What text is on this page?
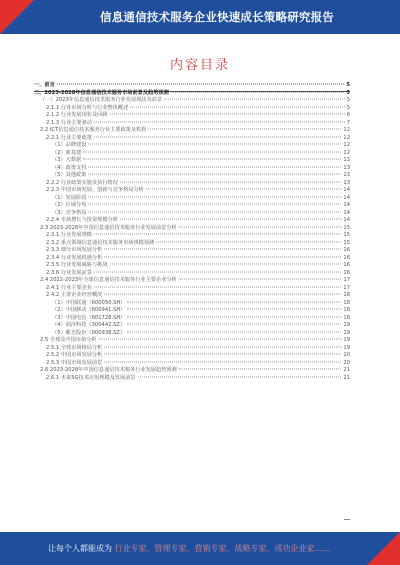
信息通信技术服务企业快速成长策略研究报告
内容目录
一、前言	5
二、2023-2028年信息通信技术服务市场前景及趋势预测	5
（一）2023年信息通信技术服务行业发展现状及前景	5
2.1.1 行业市场分析与行业整体概述	5
2.1.2 行业发展现状及回顾	6
2.1.3 行业主要驱动	7
2.2 ICT信息通信技术服务行业主要政策及机构	12
2.2.1 行业主要政策	12
（1）品牌建设	12
（2）新基建	12
（3）大数据	13
（4）政策支持	13
（5）其他政策	13
2.2.2 行业政策实施及执行情况	13
2.2.3 中国市场发展、创新与竞争格局分析	14
（1）发展阶段	14
（2）区域分布	14
（3）竞争格局	14
2.2.4 市场增长与投资规模分析	14
2.3 2023-2028年中国信息通信技术服务行业发展前景分析	15
2.3.1 行业发展规模	15
2.3.2 重点领域信息通信技术服务市场规模预测	15
2.3.3 细分市场发展分析	16
2.3.4 行业发展机遇分析	16
2.3.5 行业发展威胁与挑战	16
2.3.6 行业发展前景	16
2.4 2022-2023年全球信息通信技术服务行业主要企业分析	17
2.4.1 行业主要企业	17
2.4.2 主要企业经营概况	18
（1）中国联通（600050.SH）	18
（2）中国移动（600941.SH）	18
（3）中国电信（601728.SH）	18
（4）润泽科技（300442.SZ）	19
（5）紫光股份（000938.SZ）	19
2.5 全球及中国市场分析	19
2.5.1 全球市场格局分析	19
2.5.2 中国市场发展分析	20
2.5.3 中国市场发展前景	20
2.6 2023-2028年中国信息通信技术服务行业发展趋势预测	21
2.6.1 未来5G技术应用规模及发展前景	21
让每个人都能成为 行业专家、管理专家、营销专家、战略专家、成功企业家……
